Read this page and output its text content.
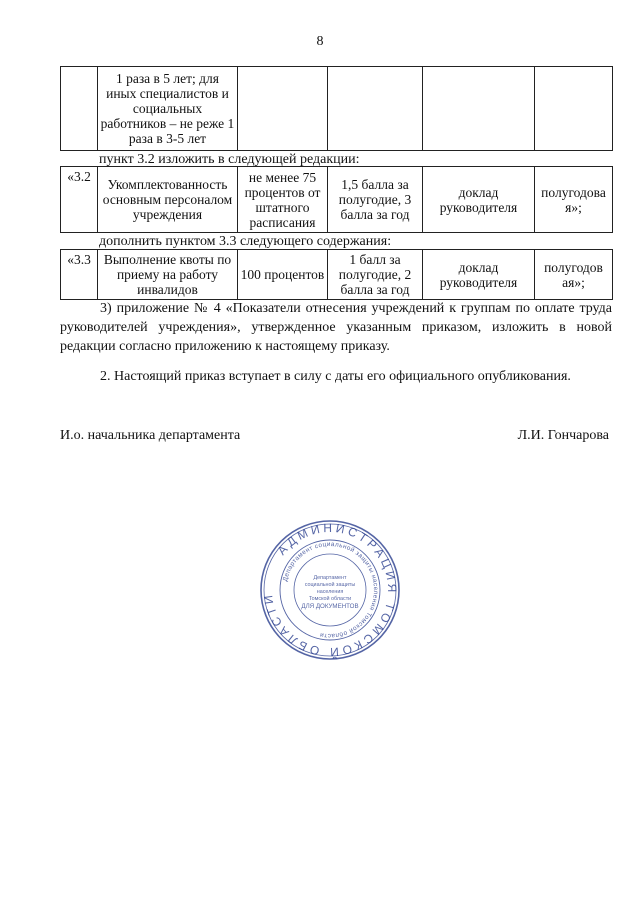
8
	1 раза в 5 лет; для иных специалистов и социальных работников – не реже 1 раза в 3-5 лет				
пункт 3.2 изложить в следующей редакции:
«3.2	Укомплектованность основным персоналом учреждения	не менее 75 процентов от штатного расписания	1,5 балла за полугодие, 3 балла за год	доклад руководителя	полугодова я»;
дополнить пунктом 3.3 следующего содержания:
«3.3	Выполнение квоты по приему на работу инвалидов	100 процентов	1 балл за полугодие, 2 балла за год	доклад руководителя	полугодов ая»;
3) приложение № 4 «Показатели отнесения учреждений к группам по оплате труда руководителей учреждения», утвержденное указанным приказом, изложить в новой редакции согласно приложению к настоящему приказу.
2. Настоящий приказ вступает в силу с даты его официального опубликования.
И.о. начальника департамента	Л.И. Гончарова
АДМИНИСТРАЦИЯ ТОМСКОЙ ОБЛАСТИ
Департамент социальной защиты населения Томской области
Департамент
социальной защиты
населения
Томской области
ДЛЯ ДОКУМЕНТОВ
